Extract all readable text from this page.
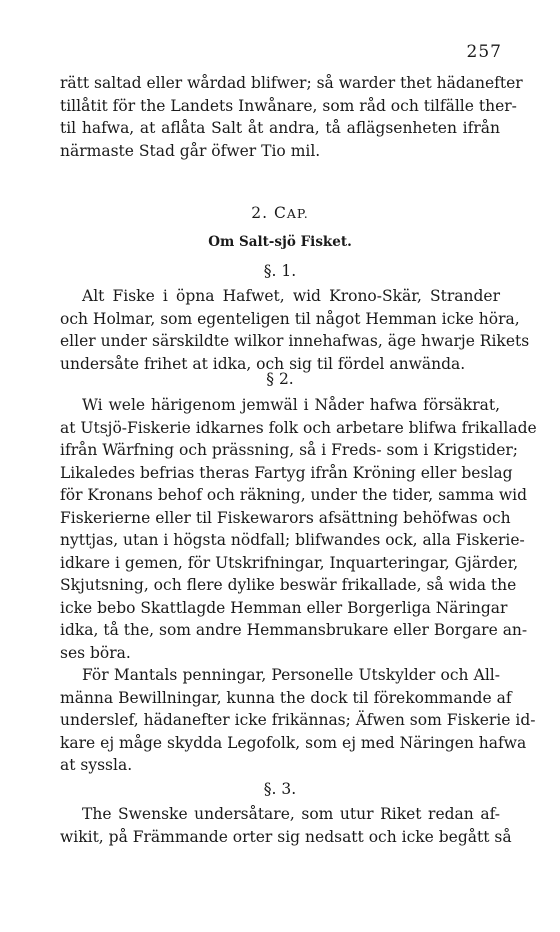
257
rätt saltad eller wårdad blifwer; så warder thet hädanefter
tillåtit för the Landets Inwånare, som råd och tilfälle ther-
til hafwa, at aflåta Salt åt andra, tå aflägsenheten ifrån
närmaste Stad går öfwer Tio mil.
2. CAP.
Om Salt-sjö Fisket.
§. 1.
Alt Fiske i öpna Hafwet, wid Krono-Skär, Strander
och Holmar, som egenteligen til något Hemman icke höra,
eller under särskildte wilkor innehafwas, äge hwarje Rikets
undersåte frihet at idka, och sig til fördel anwända.
§ 2.
Wi wele härigenom jemwäl i Nåder hafwa försäkrat,
at Utsjö-Fiskerie idkarnes folk och arbetare blifwa frikallade
ifrån Wärfning och prässning, så i Freds- som i Krigstider;
Likaledes befrias theras Fartyg ifrån Kröning eller beslag
för Kronans behof och räkning, under the tider, samma wid
Fiskerierne eller til Fiskewarors afsättning behöfwas och
nyttjas, utan i högsta nödfall; blifwandes ock, alla Fiskerie-
idkare i gemen, för Utskrifningar, Inquarteringar, Gjärder,
Skjutsning, och flere dylike beswär frikallade, så wida the
icke bebo Skattlagde Hemman eller Borgerliga Näringar
idka, tå the, som andre Hemmansbrukare eller Borgare an-
ses böra.
För Mantals penningar, Personelle Utskylder och All-
männa Bewillningar, kunna the dock til förekommande af
underslef, hädanefter icke frikännas; Äfwen som Fiskerie id-
kare ej måge skydda Legofolk, som ej med Näringen hafwa
at syssla.
§. 3.
The Swenske undersåtare, som utur Riket redan af-
wikit, på Främmande orter sig nedsatt och icke begått så
